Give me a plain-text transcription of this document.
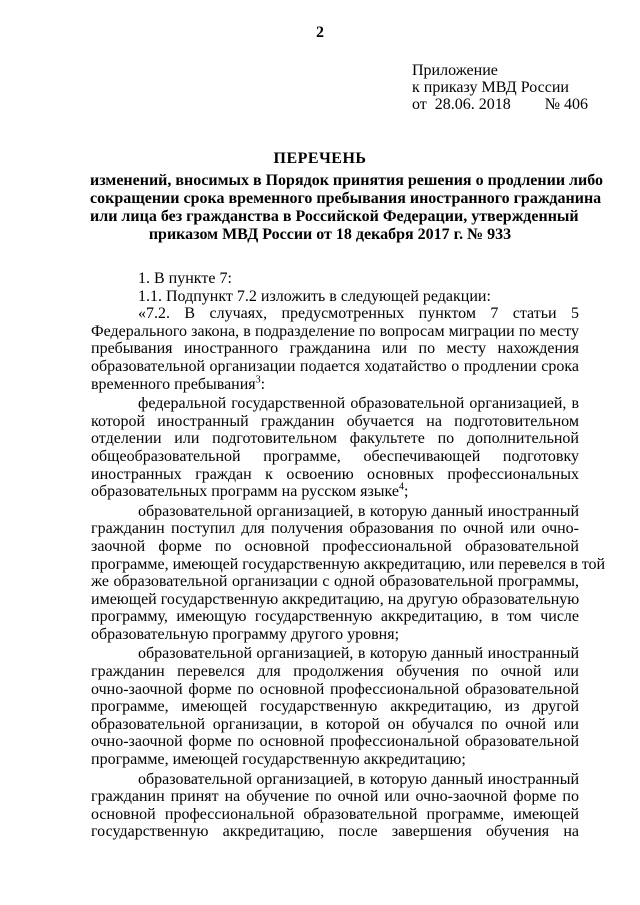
2
Приложение
к приказу МВД России
от 28.06. 2018 № 406
ПЕРЕЧЕНЬ
изменений, вносимых в Порядок принятия решения о продлении либо
сокращении срока временного пребывания иностранного гражданина
или лица без гражданства в Российской Федерации, утвержденный
приказом МВД России от 18 декабря 2017 г. № 933
1. В пункте 7:
1.1. Подпункт 7.2 изложить в следующей редакции:
«7.2. В случаях, предусмотренных пунктом 7 статьи 5
Федерального закона, в подразделение по вопросам миграции по месту
пребывания иностранного гражданина или по месту нахождения
образовательной организации подается ходатайство о продлении срока
временного пребывания$^3$:
федеральной государственной образовательной организацией, в
которой иностранный гражданин обучается на подготовительном
отделении или подготовительном факультете по дополнительной
общеобразовательной программе, обеспечивающей подготовку
иностранных граждан к освоению основных профессиональных
образовательных программ на русском языке$^4$;
образовательной организацией, в которую данный иностранный
гражданин поступил для получения образования по очной или очно-
заочной форме по основной профессиональной образовательной
программе, имеющей государственную аккредитацию, или перевелся в той
же образовательной организации с одной образовательной программы,
имеющей государственную аккредитацию, на другую образовательную
программу, имеющую государственную аккредитацию, в том числе
образовательную программу другого уровня;
образовательной организацией, в которую данный иностранный
гражданин перевелся для продолжения обучения по очной или
очно-заочной форме по основной профессиональной образовательной
программе, имеющей государственную аккредитацию, из другой
образовательной организации, в которой он обучался по очной или
очно-заочной форме по основной профессиональной образовательной
программе, имеющей государственную аккредитацию;
образовательной организацией, в которую данный иностранный
гражданин принят на обучение по очной или очно-заочной форме по
основной профессиональной образовательной программе, имеющей
государственную аккредитацию, после завершения обучения на
